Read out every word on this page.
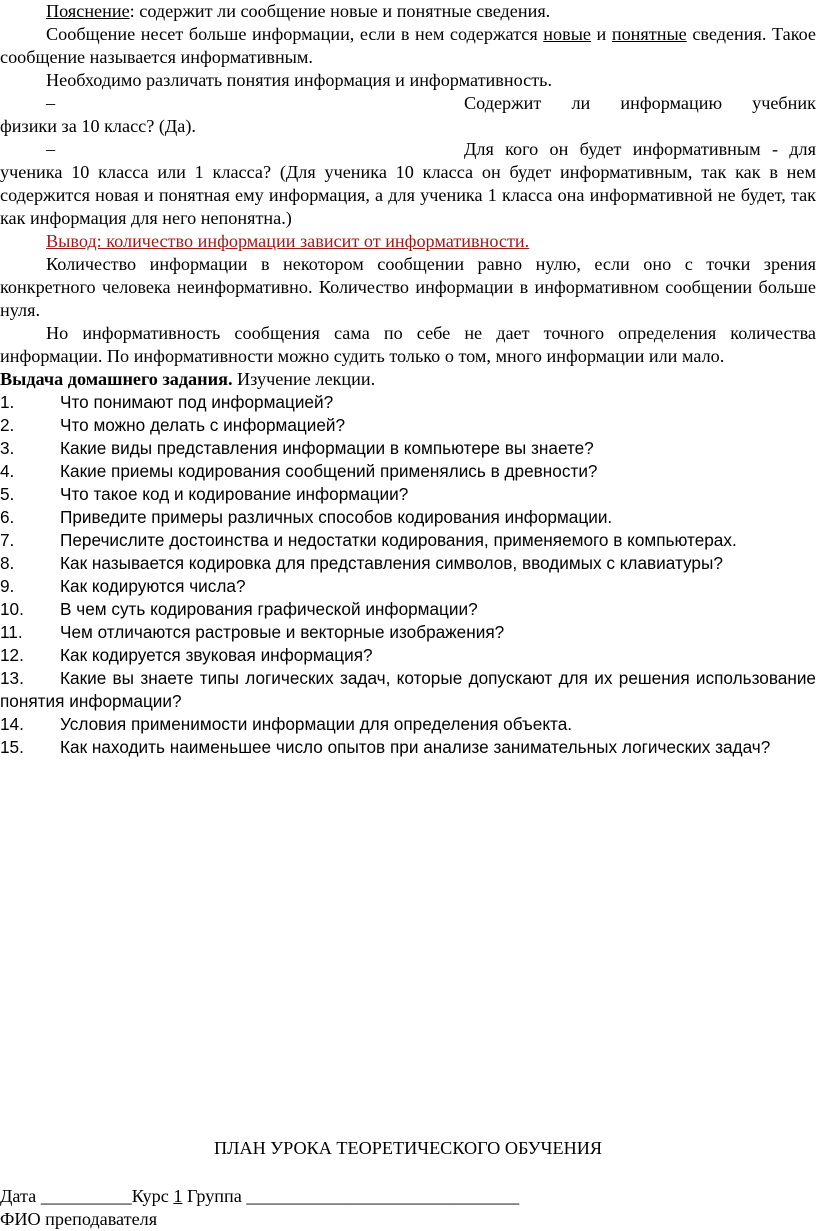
Пояснение: содержит ли сообщение новые и понятные сведения.

Сообщение несет больше информации, если в нем содержатся новые и понятные сведения. Такое сообщение называется информативным.

Необходимо различать понятия информация и информативность.

–	Содержит   ли   информацию   учебник

физики за 10 класс? (Да).

–	Для кого он будет информативным - для

ученика 10 класса или 1 класса? (Для ученика 10 класса он будет информативным, так как в нем содержится новая и понятная ему информация, а для ученика 1 класса она информативной не будет, так как информация для него непонятна.)

Вывод: количество информации зависит от информативности.

Количество информации в некотором сообщении равно нулю, если оно с точки зрения конкретного человека неинформативно. Количество информации в информативном сообщении больше нуля.

Но информативность сообщения сама по себе не дает точного определения количества информации. По информативности можно судить только о том, много информации или мало.

Выдача домашнего задания. Изучение лекции.

1.	Что понимают под информацией?

2.	Что можно делать с информацией?

3.	Какие виды представления информации в компьютере вы знаете?

4.	Какие приемы кодирования сообщений применялись в древности?

5.	Что такое код и кодирование информации?

6.	Приведите примеры различных способов кодирования информации.

7.	Перечислите достоинства и недостатки кодирования, применяемого в компьютерах.

8.	Как называется кодировка для представления символов, вводимых с клавиатуры?

9.	Как кодируются числа?

10.	В чем суть кодирования графической информации?

11.	Чем отличаются растровые и векторные изображения?

12.	Как кодируется звуковая информация?

13. Какие вы знаете типы логических задач, которые допускают для их решения использование понятия информации?

14.	Условия применимости информации для определения объекта.

15.	Как находить наименьшее число опытов при анализе занимательных логических задач?

ПЛАН УРОКА ТЕОРЕТИЧЕСКОГО ОБУЧЕНИЯ
Дата __________Курс 1 Группа ______________________________
ФИО преподавателя
